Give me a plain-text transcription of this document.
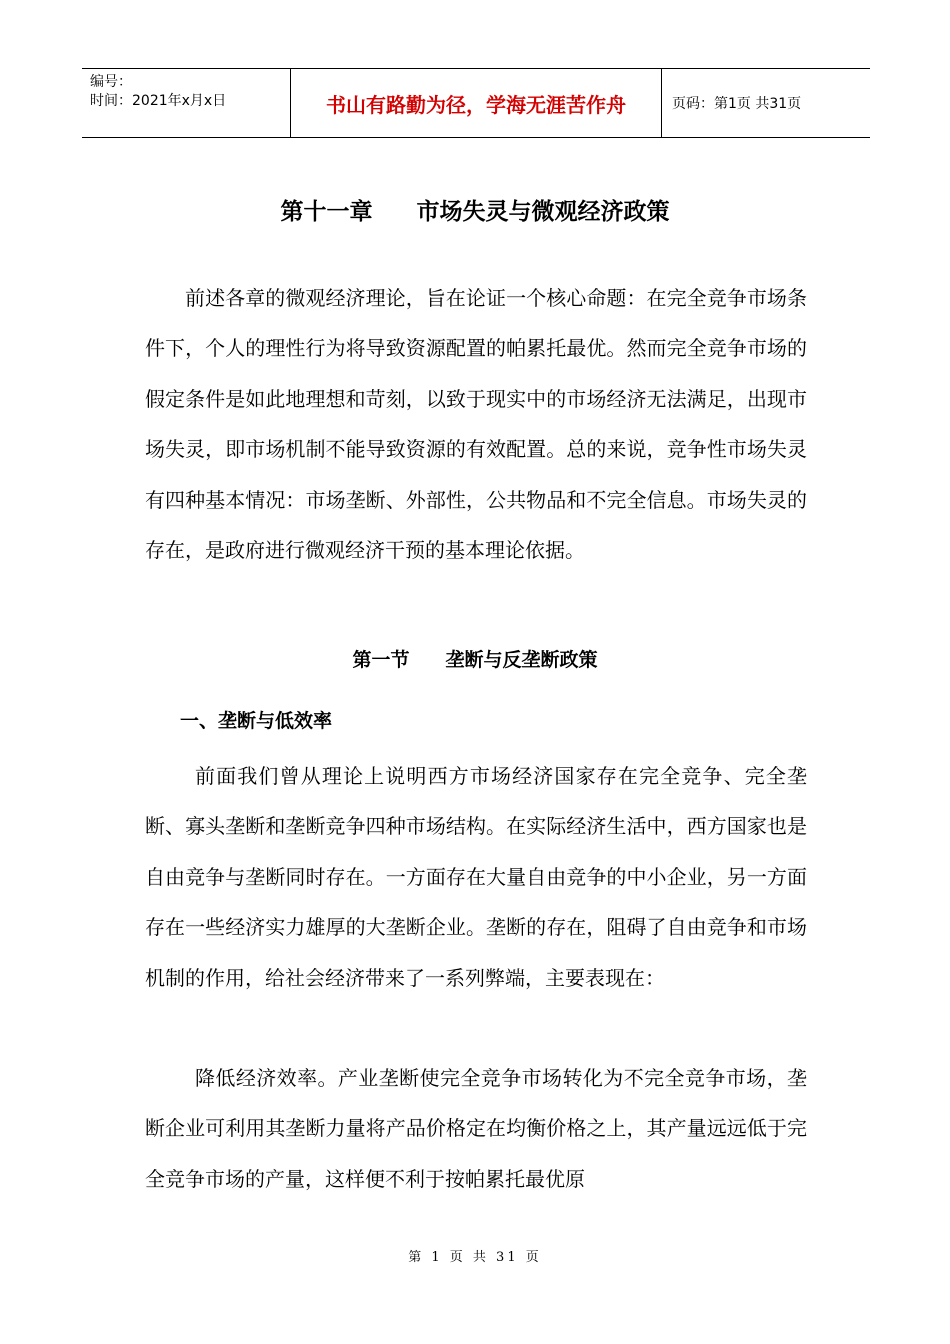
编号：
时间：2021年x月x日	书山有路勤为径，学海无涯苦作舟	页码：第1页 共31页
第十一章 市场失灵与微观经济政策

前述各章的微观经济理论，旨在论证一个核心命题：在完全竞争市场条件下，个人的理性行为将导致资源配置的帕累托最优。然而完全竞争市场的假定条件是如此地理想和苛刻，以致于现实中的市场经济无法满足，出现市场失灵，即市场机制不能导致资源的有效配置。总的来说，竞争性市场失灵有四种基本情况：市场垄断、外部性，公共物品和不完全信息。市场失灵的存在，是政府进行微观经济干预的基本理论依据。

第一节 垄断与反垄断政策
一、垄断与低效率

前面我们曾从理论上说明西方市场经济国家存在完全竞争、完全垄断、寡头垄断和垄断竞争四种市场结构。在实际经济生活中，西方国家也是自由竞争与垄断同时存在。一方面存在大量自由竞争的中小企业，另一方面存在一些经济实力雄厚的大垄断企业。垄断的存在，阻碍了自由竞争和市场机制的作用，给社会经济带来了一系列弊端，主要表现在：

降低经济效率。产业垄断使完全竞争市场转化为不完全竞争市场，垄断企业可利用其垄断力量将产品价格定在均衡价格之上，其产量远远低于完全竞争市场的产量，这样便不利于按帕累托最优原

第 1 页 共 31 页
